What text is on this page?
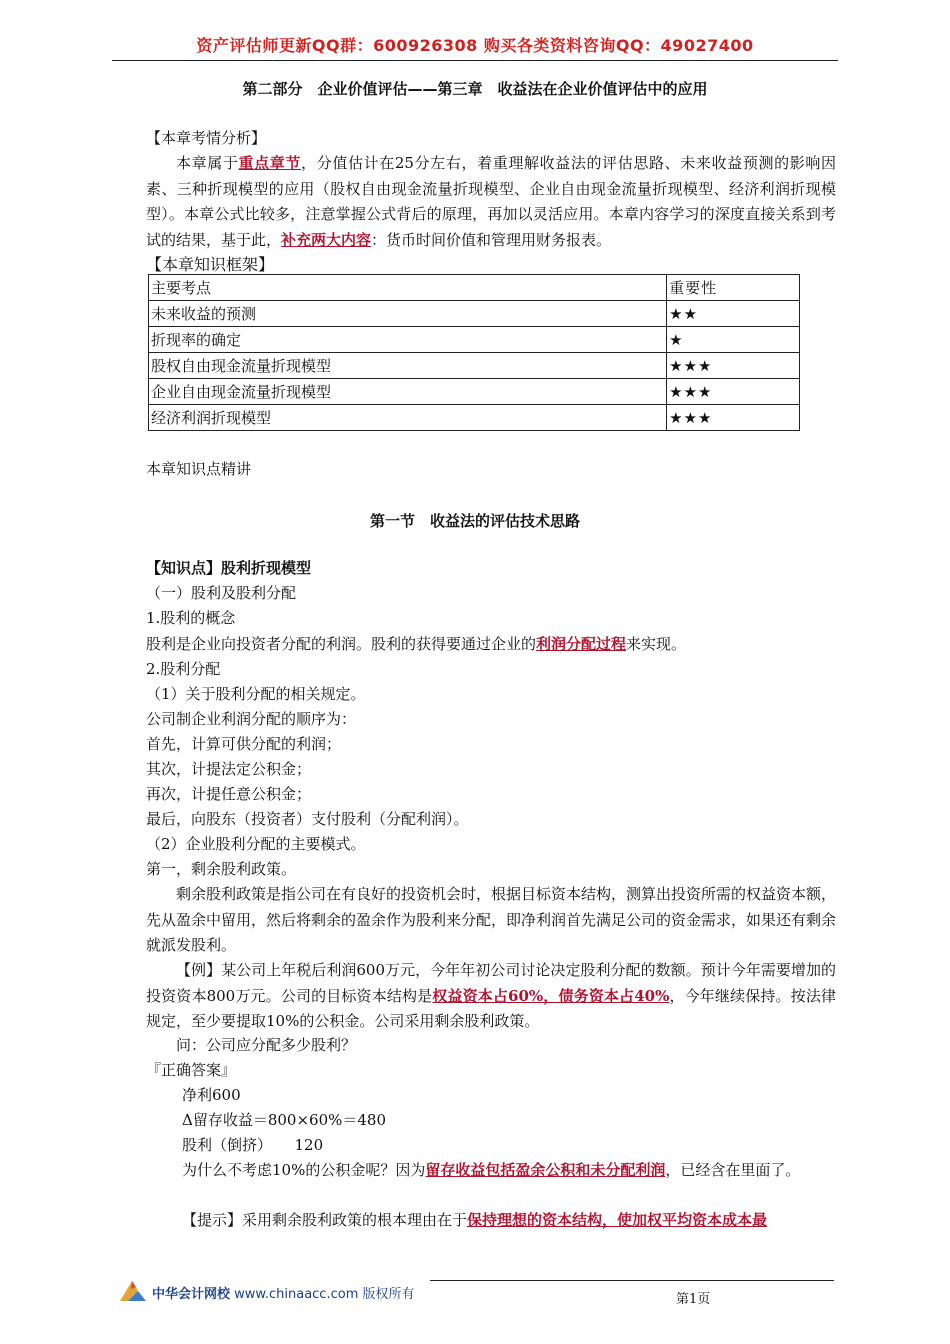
资产评估师更新QQ群：600926308 购买各类资料咨询QQ：49027400
第二部分　企业价值评估——第三章　收益法在企业价值评估中的应用
【本章考情分析】
本章属于重点章节，分值估计在25分左右，着重理解收益法的评估思路、未来收益预测的影响因素、三种折现模型的应用（股权自由现金流量折现模型、企业自由现金流量折现模型、经济利润折现模型）。本章公式比较多，注意掌握公式背后的原理，再加以灵活应用。本章内容学习的深度直接关系到考试的结果，基于此，补充两大内容：货币时间价值和管理用财务报表。
【本章知识框架】
主要考点	重要性
未来收益的预测	★★
折现率的确定	★
股权自由现金流量折现模型	★★★
企业自由现金流量折现模型	★★★
经济利润折现模型	★★★
本章知识点精讲
第一节　收益法的评估技术思路
【知识点】股利折现模型
（一）股利及股利分配
1.股利的概念
股利是企业向投资者分配的利润。股利的获得要通过企业的利润分配过程来实现。
2.股利分配
（1）关于股利分配的相关规定。
公司制企业利润分配的顺序为：
首先，计算可供分配的利润；
其次，计提法定公积金；
再次，计提任意公积金；
最后，向股东（投资者）支付股利（分配利润）。
（2）企业股利分配的主要模式。
第一，剩余股利政策。
剩余股利政策是指公司在有良好的投资机会时，根据目标资本结构，测算出投资所需的权益资本额，先从盈余中留用，然后将剩余的盈余作为股利来分配，即净利润首先满足公司的资金需求，如果还有剩余就派发股利。
【例】某公司上年税后利润600万元，今年年初公司讨论决定股利分配的数额。预计今年需要增加的投资资本800万元。公司的目标资本结构是权益资本占60%，债务资本占40%，今年继续保持。按法律规定，至少要提取10%的公积金。公司采用剩余股利政策。
问：公司应分配多少股利？
『正确答案』
净利600
Δ留存收益＝800×60%＝480
股利（倒挤）　　120
为什么不考虑10%的公积金呢？因为留存收益包括盈余公积和未分配利润，已经含在里面了。
【提示】采用剩余股利政策的根本理由在于保持理想的资本结构，使加权平均资本成本最
中华会计网校 www.chinaacc.com 版权所有	第1页
